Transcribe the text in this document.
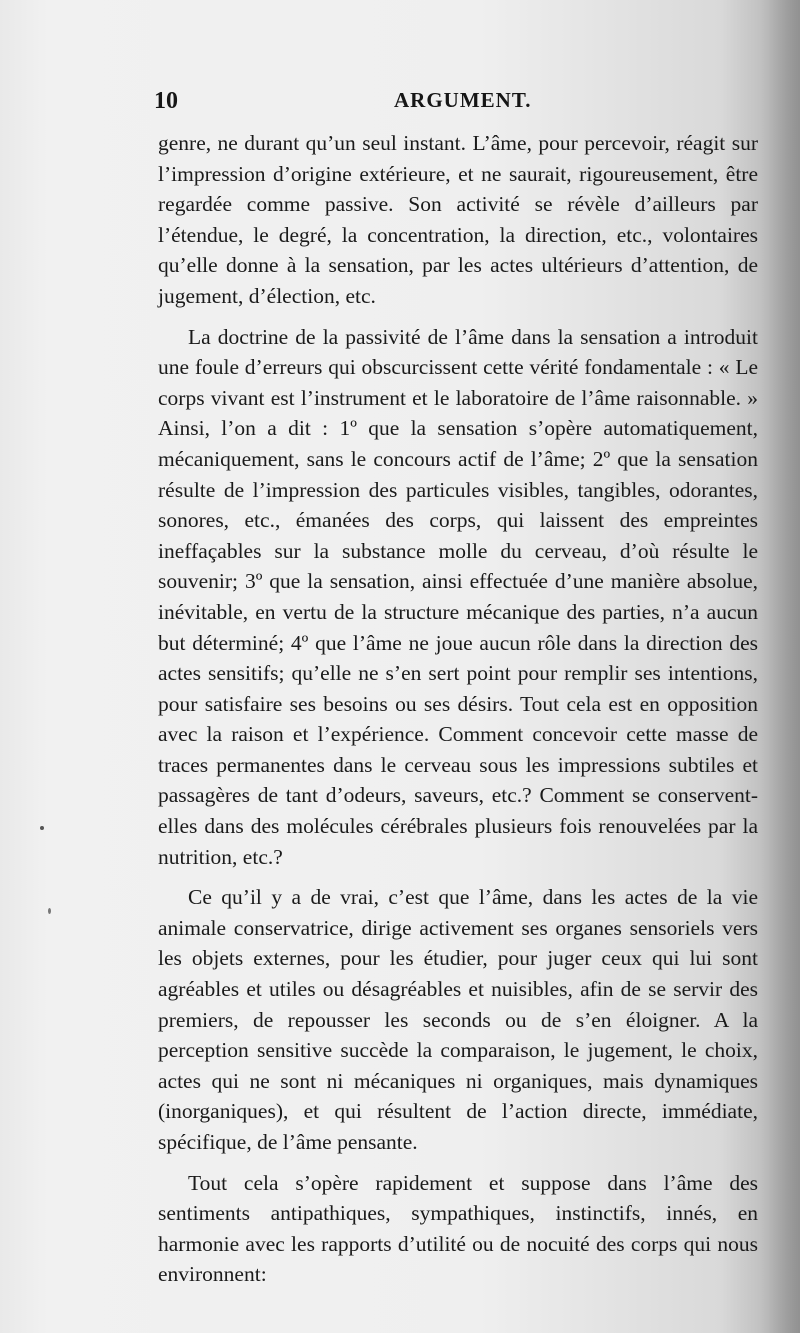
10	ARGUMENT.

genre, ne durant qu’un seul instant. L’âme, pour percevoir, réagit sur l’impression d’origine extérieure, et ne saurait, rigoureusement, être regardée comme passive. Son activité se révèle d’ailleurs par l’étendue, le degré, la concentration, la direction, etc., volontaires qu’elle donne à la sensation, par les actes ultérieurs d’attention, de jugement, d’élection, etc.

La doctrine de la passivité de l’âme dans la sensation a introduit une foule d’erreurs qui obscurcissent cette vérité fondamentale : « Le corps vivant est l’instrument et le laboratoire de l’âme raisonnable. » Ainsi, l’on a dit : 1º que la sensation s’opère automatiquement, mécaniquement, sans le concours actif de l’âme; 2º que la sensation résulte de l’impression des particules visibles, tangibles, odorantes, sonores, etc., émanées des corps, qui laissent des empreintes ineffaçables sur la substance molle du cerveau, d’où résulte le souvenir; 3º que la sensation, ainsi effectuée d’une manière absolue, inévitable, en vertu de la structure mécanique des parties, n’a aucun but déterminé; 4º que l’âme ne joue aucun rôle dans la direction des actes sensitifs; qu’elle ne s’en sert point pour remplir ses intentions, pour satisfaire ses besoins ou ses désirs. Tout cela est en opposition avec la raison et l’expérience. Comment concevoir cette masse de traces permanentes dans le cerveau sous les impressions subtiles et passagères de tant d’odeurs, saveurs, etc.? Comment se conservent-elles dans des molécules cérébrales plusieurs fois renouvelées par la nutrition, etc.?

Ce qu’il y a de vrai, c’est que l’âme, dans les actes de la vie animale conservatrice, dirige activement ses organes sensoriels vers les objets externes, pour les étudier, pour juger ceux qui lui sont agréables et utiles ou désagréables et nuisibles, afin de se servir des premiers, de repousser les seconds ou de s’en éloigner. A la perception sensitive succède la comparaison, le jugement, le choix, actes qui ne sont ni mécaniques ni organiques, mais dynamiques (inorganiques), et qui résultent de l’action directe, immédiate, spécifique, de l’âme pensante.

Tout cela s’opère rapidement et suppose dans l’âme des sentiments antipathiques, sympathiques, instinctifs, innés, en harmonie avec les rapports d’utilité ou de nocuité des corps qui nous environnent:
